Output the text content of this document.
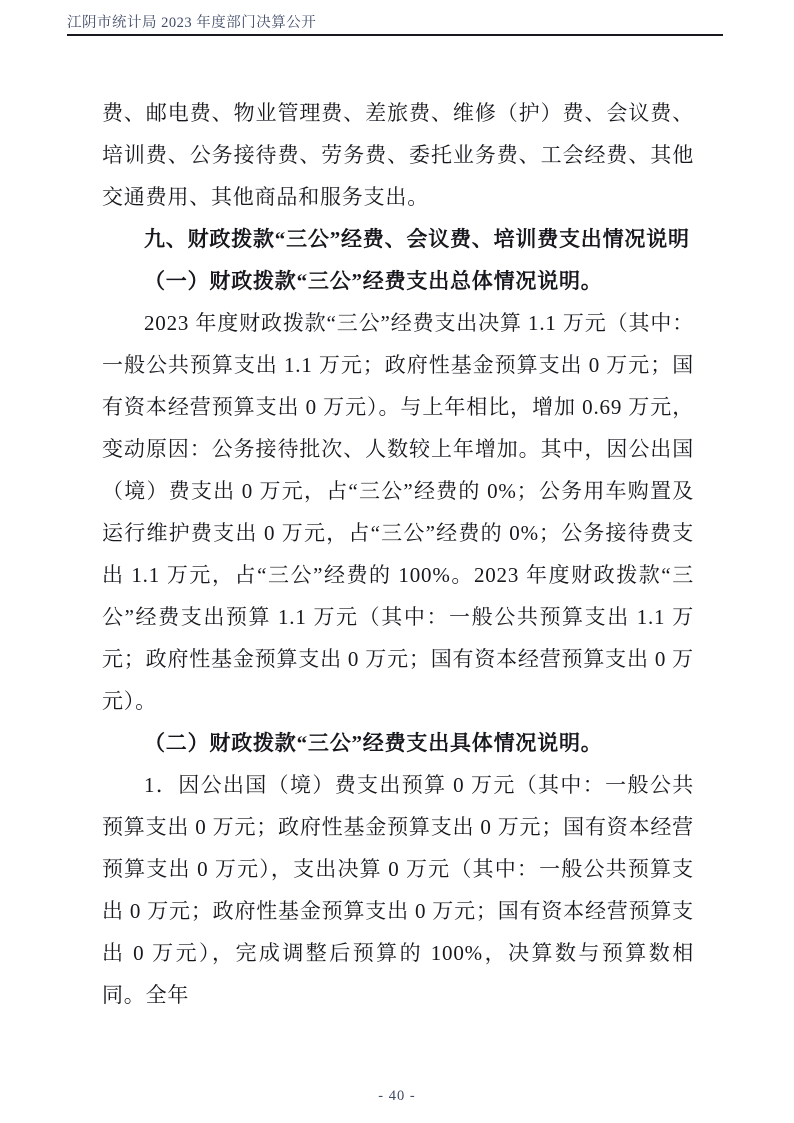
江阴市统计局 2023 年度部门决算公开

费、邮电费、物业管理费、差旅费、维修（护）费、会议费、培训费、公务接待费、劳务费、委托业务费、工会经费、其他交通费用、其他商品和服务支出。

九、财政拨款“三公”经费、会议费、培训费支出情况说明

（一）财政拨款“三公”经费支出总体情况说明。

2023 年度财政拨款“三公”经费支出决算 1.1 万元（其中：一般公共预算支出 1.1 万元；政府性基金预算支出 0 万元；国有资本经营预算支出 0 万元）。与上年相比，增加 0.69 万元，变动原因：公务接待批次、人数较上年增加。其中，因公出国（境）费支出 0 万元，占“三公”经费的 0%；公务用车购置及运行维护费支出 0 万元，占“三公”经费的 0%；公务接待费支出 1.1 万元，占“三公”经费的 100%。2023 年度财政拨款“三公”经费支出预算 1.1 万元（其中：一般公共预算支出 1.1 万元；政府性基金预算支出 0 万元；国有资本经营预算支出 0 万元）。

（二）财政拨款“三公”经费支出具体情况说明。

1．因公出国（境）费支出预算 0 万元（其中：一般公共预算支出 0 万元；政府性基金预算支出 0 万元；国有资本经营预算支出 0 万元），支出决算 0 万元（其中：一般公共预算支出 0 万元；政府性基金预算支出 0 万元；国有资本经营预算支出 0 万元），完成调整后预算的 100%，决算数与预算数相同。全年

- 40 -
